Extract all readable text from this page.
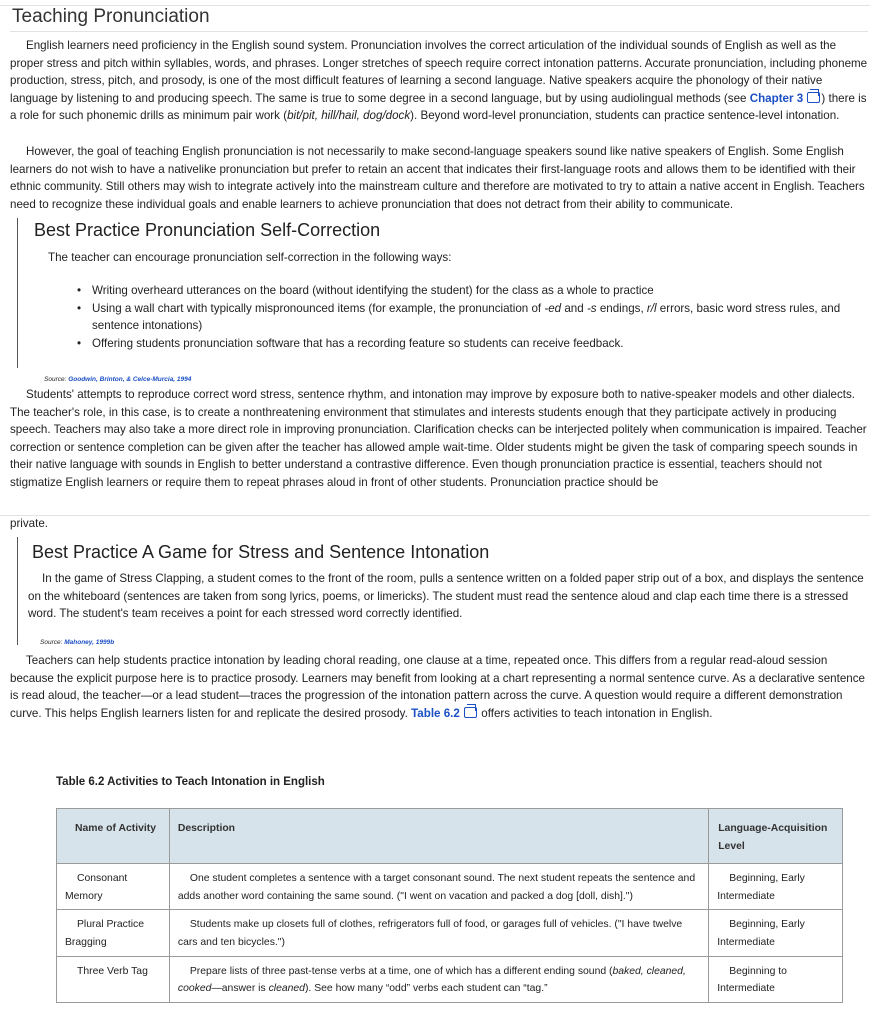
Teaching Pronunciation

English learners need proficiency in the English sound system. Pronunciation involves the correct articulation of the individual sounds of English as well as the proper stress and pitch within syllables, words, and phrases. Longer stretches of speech require correct intonation patterns. Accurate pronunciation, including phoneme production, stress, pitch, and prosody, is one of the most difficult features of learning a second language. Native speakers acquire the phonology of their native language by listening to and producing speech. The same is true to some degree in a second language, but by using audiolingual methods (see Chapter 3 ) there is a role for such phonemic drills as minimum pair work (bit/pit, hill/hail, dog/dock). Beyond word-level pronunciation, students can practice sentence-level intonation.

However, the goal of teaching English pronunciation is not necessarily to make second-language speakers sound like native speakers of English. Some English learners do not wish to have a nativelike pronunciation but prefer to retain an accent that indicates their first-language roots and allows them to be identified with their ethnic community. Still others may wish to integrate actively into the mainstream culture and therefore are motivated to try to attain a native accent in English. Teachers need to recognize these individual goals and enable learners to achieve pronunciation that does not detract from their ability to communicate.

Best Practice Pronunciation Self-Correction

The teacher can encourage pronunciation self-correction in the following ways:

• Writing overheard utterances on the board (without identifying the student) for the class as a whole to practice
• Using a wall chart with typically mispronounced items (for example, the pronunciation of -ed and -s endings, r/l errors, basic word stress rules, and sentence intonations)
• Offering students pronunciation software that has a recording feature so students can receive feedback.
Source: Goodwin, Brinton, & Celce-Murcia, 1994

Students' attempts to reproduce correct word stress, sentence rhythm, and intonation may improve by exposure both to native-speaker models and other dialects. The teacher's role, in this case, is to create a nonthreatening environment that stimulates and interests students enough that they participate actively in producing speech. Teachers may also take a more direct role in improving pronunciation. Clarification checks can be interjected politely when communication is impaired. Teacher correction or sentence completion can be given after the teacher has allowed ample wait-time. Older students might be given the task of comparing speech sounds in their native language with sounds in English to better understand a contrastive difference. Even though pronunciation practice is essential, teachers should not stigmatize English learners or require them to repeat phrases aloud in front of other students. Pronunciation practice should be

private.

Best Practice A Game for Stress and Sentence Intonation

In the game of Stress Clapping, a student comes to the front of the room, pulls a sentence written on a folded paper strip out of a box, and displays the sentence on the whiteboard (sentences are taken from song lyrics, poems, or limericks). The student must read the sentence aloud and clap each time there is a stressed word. The student's team receives a point for each stressed word correctly identified.

Source: Mahoney, 1999b

Teachers can help students practice intonation by leading choral reading, one clause at a time, repeated once. This differs from a regular read-aloud session because the explicit purpose here is to practice prosody. Learners may benefit from looking at a chart representing a normal sentence curve. As a declarative sentence is read aloud, the teacher—or a lead student—traces the progression of the intonation pattern across the curve. A question would require a different demonstration curve. This helps English learners listen for and replicate the desired prosody. Table 6.2  offers activities to teach intonation in English.

Table 6.2 Activities to Teach Intonation in English

Name of Activity	Description	Language-Acquisition Level

Consonant Memory	One student completes a sentence with a target consonant sound. The next student repeats the sentence and adds another word containing the same sound. ("I went on vacation and packed a dog [doll, dish].")	Beginning, Early Intermediate

Plural Practice Bragging	Students make up closets full of clothes, refrigerators full of food, or garages full of vehicles. ("I have twelve cars and ten bicycles.")	Beginning, Early Intermediate

Three Verb Tag	Prepare lists of three past-tense verbs at a time, one of which has a different ending sound (baked, cleaned, cooked—answer is cleaned). See how many “odd” verbs each student can “tag.”	Beginning to Intermediate
